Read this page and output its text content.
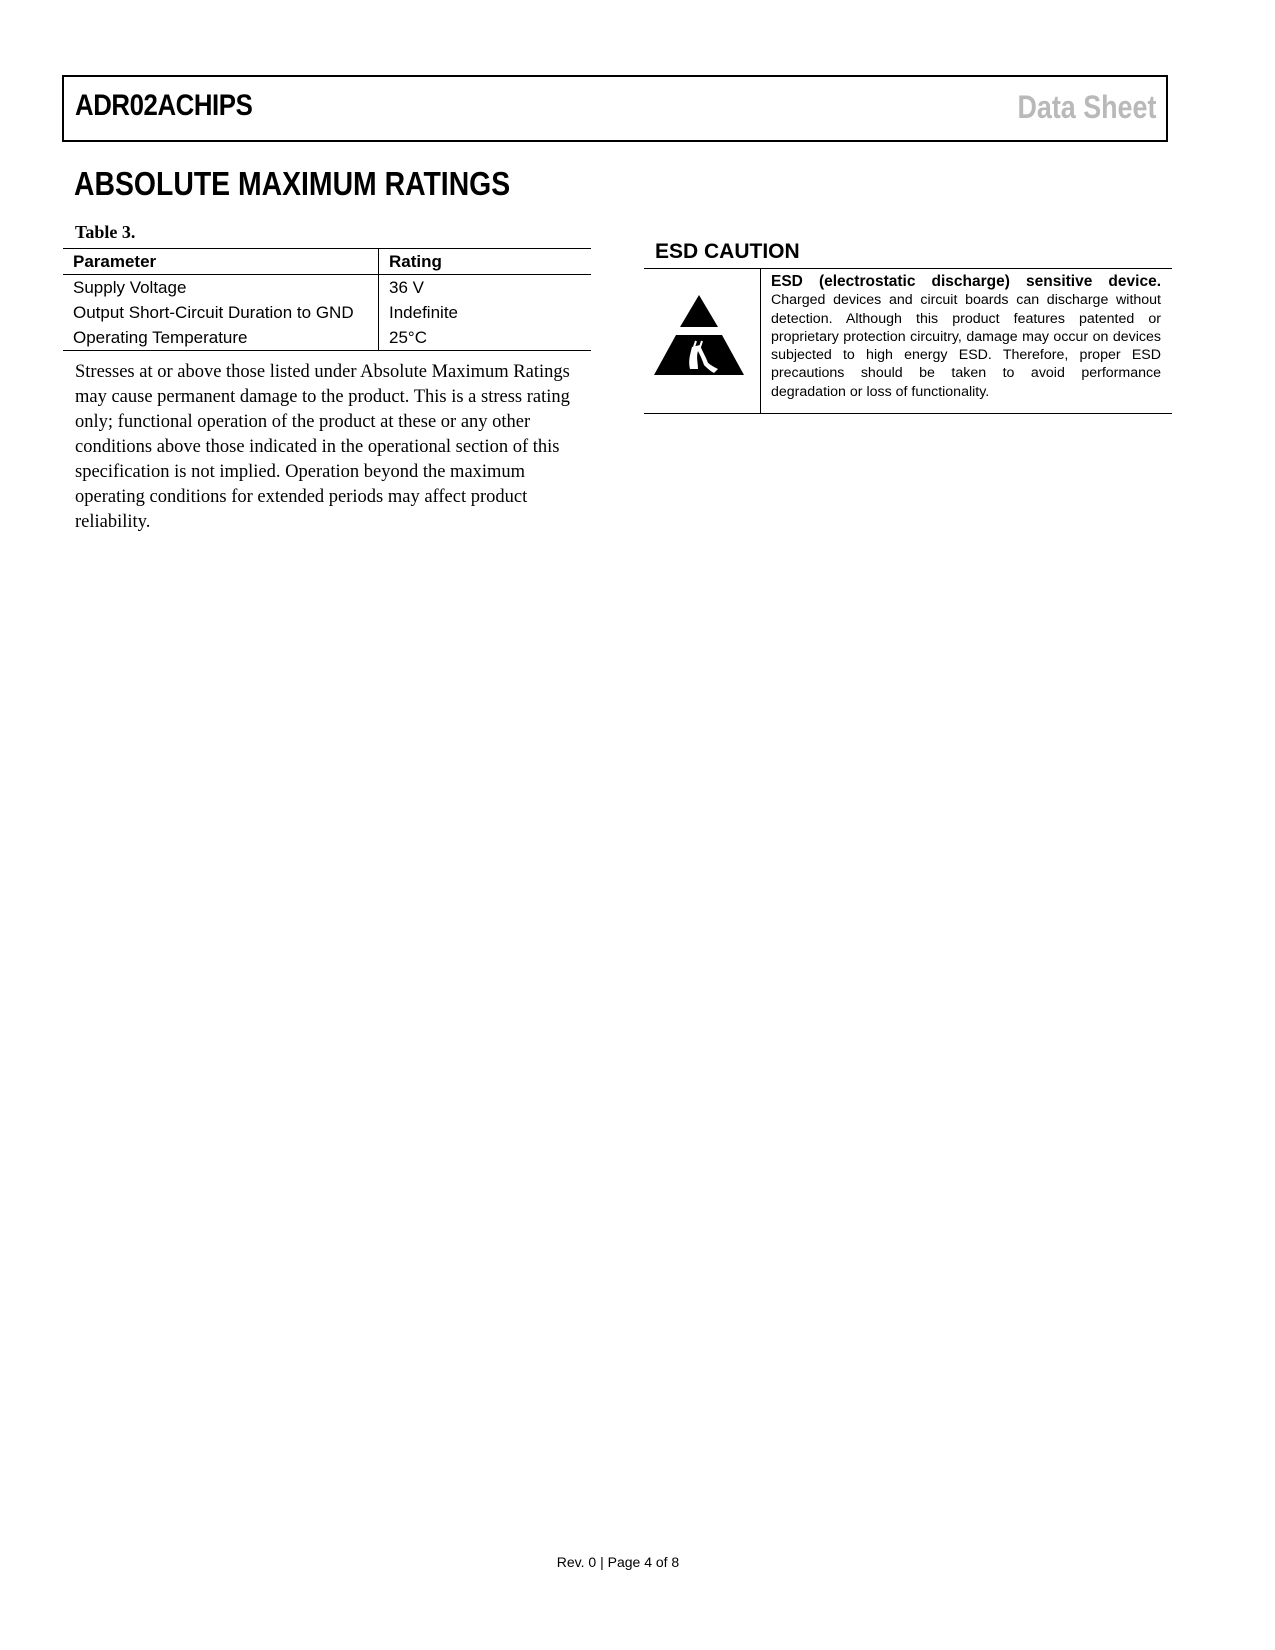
ADR02ACHIPS	Data Sheet
ABSOLUTE MAXIMUM RATINGS
Table 3.
Parameter	Rating
Supply Voltage	36 V
Output Short-Circuit Duration to GND	Indefinite
Operating Temperature	25°C
Stresses at or above those listed under Absolute Maximum Ratings may cause permanent damage to the product. This is a stress rating only; functional operation of the product at these or any other conditions above those indicated in the operational section of this specification is not implied. Operation beyond the maximum operating conditions for extended periods may affect product reliability.
ESD CAUTION
ESD (electrostatic discharge) sensitive device. Charged devices and circuit boards can discharge without detection. Although this product features patented or proprietary protection circuitry, damage may occur on devices subjected to high energy ESD. Therefore, proper ESD precautions should be taken to avoid performance degradation or loss of functionality.
Rev. 0 | Page 4 of 8
